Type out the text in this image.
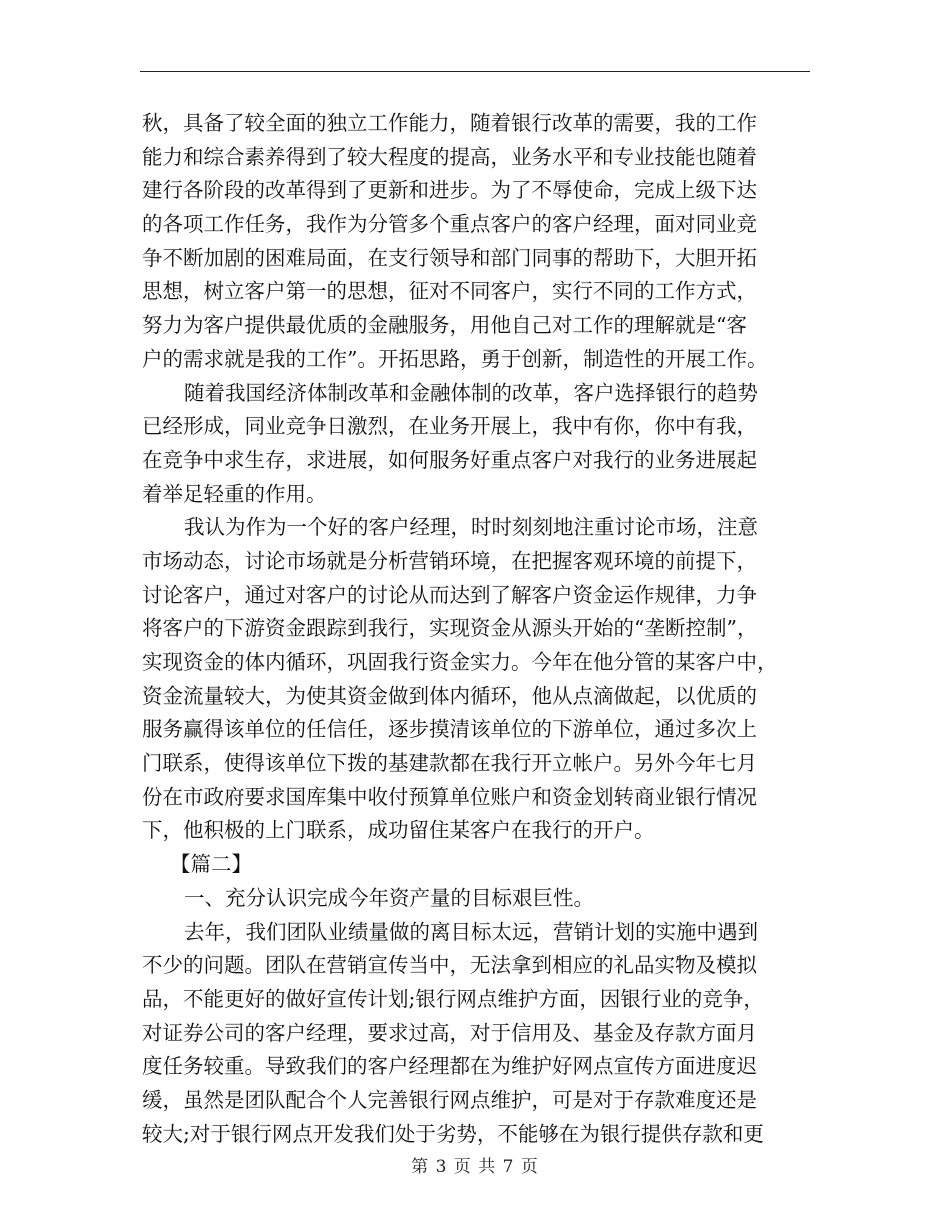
秋，具备了较全面的独立工作能力，随着银行改革的需要，我的工作
能力和综合素养得到了较大程度的提高，业务水平和专业技能也随着
建行各阶段的改革得到了更新和进步。为了不辱使命，完成上级下达
的各项工作任务，我作为分管多个重点客户的客户经理，面对同业竞
争不断加剧的困难局面，在支行领导和部门同事的帮助下，大胆开拓
思想，树立客户第一的思想，征对不同客户，实行不同的工作方式，
努力为客户提供最优质的金融服务，用他自己对工作的理解就是“客
户的需求就是我的工作”。开拓思路，勇于创新，制造性的开展工作。
随着我国经济体制改革和金融体制的改革，客户选择银行的趋势
已经形成，同业竞争日激烈，在业务开展上，我中有你，你中有我，
在竞争中求生存，求进展，如何服务好重点客户对我行的业务进展起
着举足轻重的作用。
我认为作为一个好的客户经理，时时刻刻地注重讨论市场，注意
市场动态，讨论市场就是分析营销环境，在把握客观环境的前提下，
讨论客户，通过对客户的讨论从而达到了解客户资金运作规律，力争
将客户的下游资金跟踪到我行，实现资金从源头开始的“垄断控制”，
实现资金的体内循环，巩固我行资金实力。今年在他分管的某客户中，
资金流量较大，为使其资金做到体内循环，他从点滴做起，以优质的
服务赢得该单位的任信任，逐步摸清该单位的下游单位，通过多次上
门联系，使得该单位下拨的基建款都在我行开立帐户。另外今年七月
份在市政府要求国库集中收付预算单位账户和资金划转商业银行情况
下，他积极的上门联系，成功留住某客户在我行的开户。
【篇二】
一、充分认识完成今年资产量的目标艰巨性。
去年，我们团队业绩量做的离目标太远，营销计划的实施中遇到
不少的问题。团队在营销宣传当中，无法拿到相应的礼品实物及模拟
品，不能更好的做好宣传计划;银行网点维护方面，因银行业的竞争，
对证券公司的客户经理，要求过高，对于信用及、基金及存款方面月
度任务较重。导致我们的客户经理都在为维护好网点宣传方面进度迟
缓，虽然是团队配合个人完善银行网点维护，可是对于存款难度还是
较大;对于银行网点开发我们处于劣势，不能够在为银行提供存款和更
第 3 页 共 7 页
